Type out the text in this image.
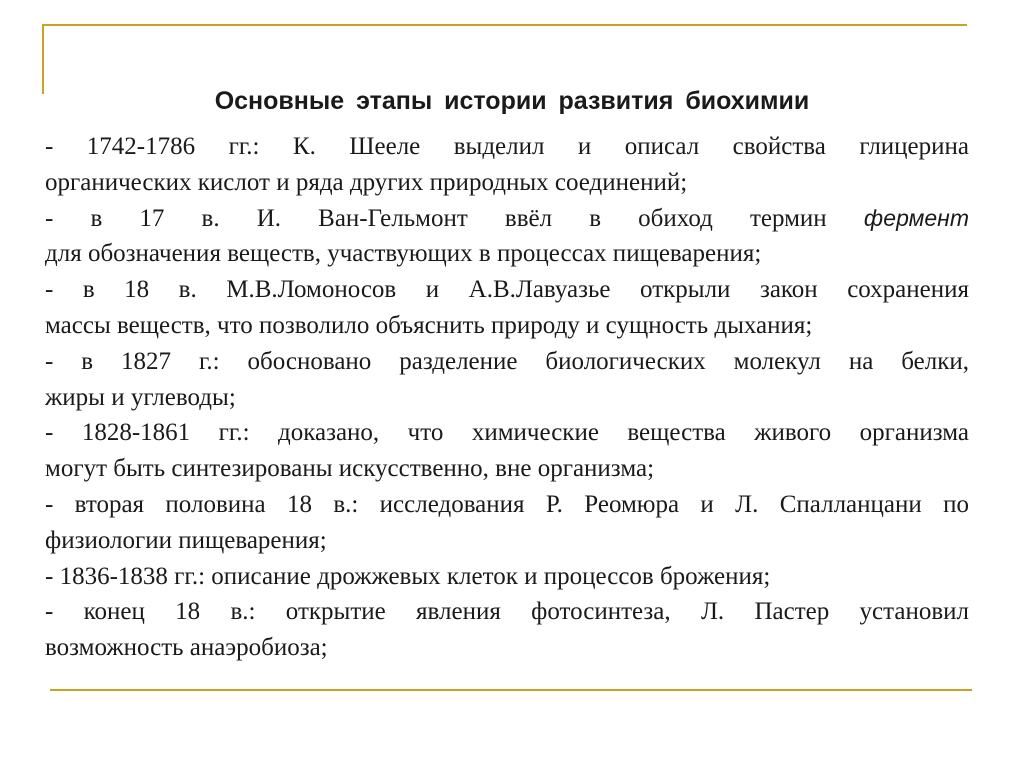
Основные этапы истории развития биохимии

- 1742-1786 гг.: К. Шееле выделил и описал свойства глицерина
органических кислот и ряда других природных соединений;

- в 17 в. И. Ван-Гельмонт ввёл в обиход термин фермент
для обозначения веществ, участвующих в процессах пищеварения;

- в 18 в. М.В.Ломоносов и А.В.Лавуазье открыли закон сохранения
массы веществ, что позволило объяснить природу и сущность дыхания;

- в 1827 г.: обосновано разделение биологических молекул на белки,
жиры и углеводы;

- 1828-1861 гг.: доказано, что химические вещества живого организма
могут быть синтезированы искусственно, вне организма;

- вторая половина 18 в.: исследования Р. Реомюра и Л. Спалланцани по
физиологии пищеварения;

- 1836-1838 гг.: описание дрожжевых клеток и процессов брожения;

- конец 18 в.: открытие явления фотосинтеза, Л. Пастер установил
возможность анаэробиоза;
